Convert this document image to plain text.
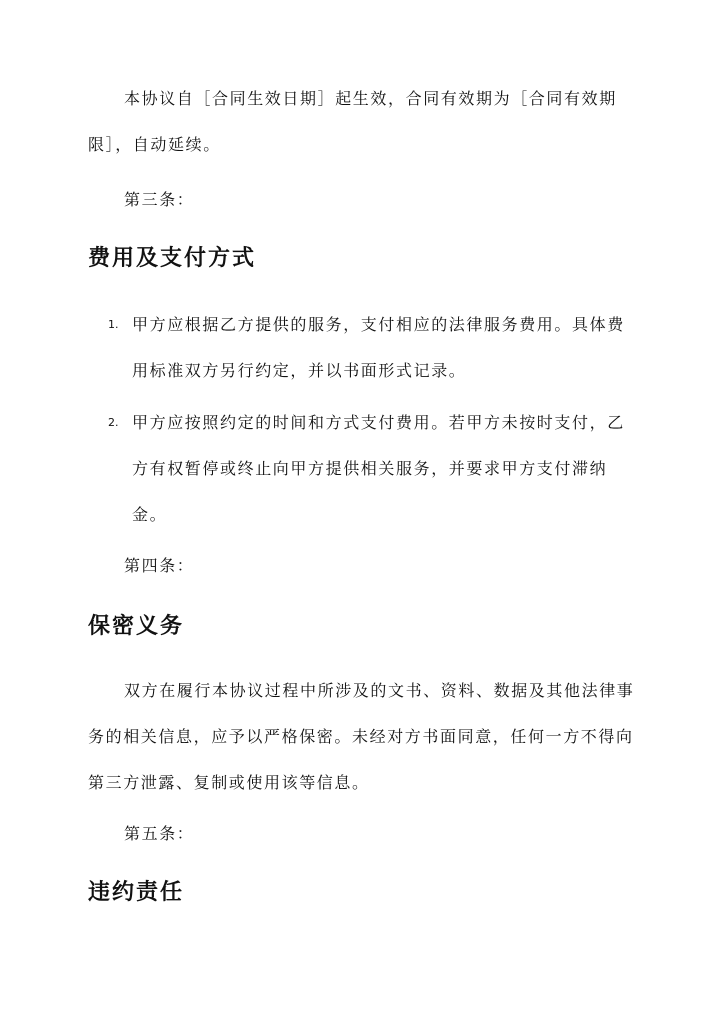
本协议自［合同生效日期］起生效，合同有效期为［合同有效期限］，自动延续。

第三条：

费用及支付方式
1. 甲方应根据乙方提供的服务，支付相应的法律服务费用。具体费用标准双方另行约定，并以书面形式记录。
2. 甲方应按照约定的时间和方式支付费用。若甲方未按时支付，乙方有权暂停或终止向甲方提供相关服务，并要求甲方支付滞纳金。

第四条：

保密义务

双方在履行本协议过程中所涉及的文书、资料、数据及其他法律事务的相关信息，应予以严格保密。未经对方书面同意，任何一方不得向第三方泄露、复制或使用该等信息。

第五条：

违约责任
